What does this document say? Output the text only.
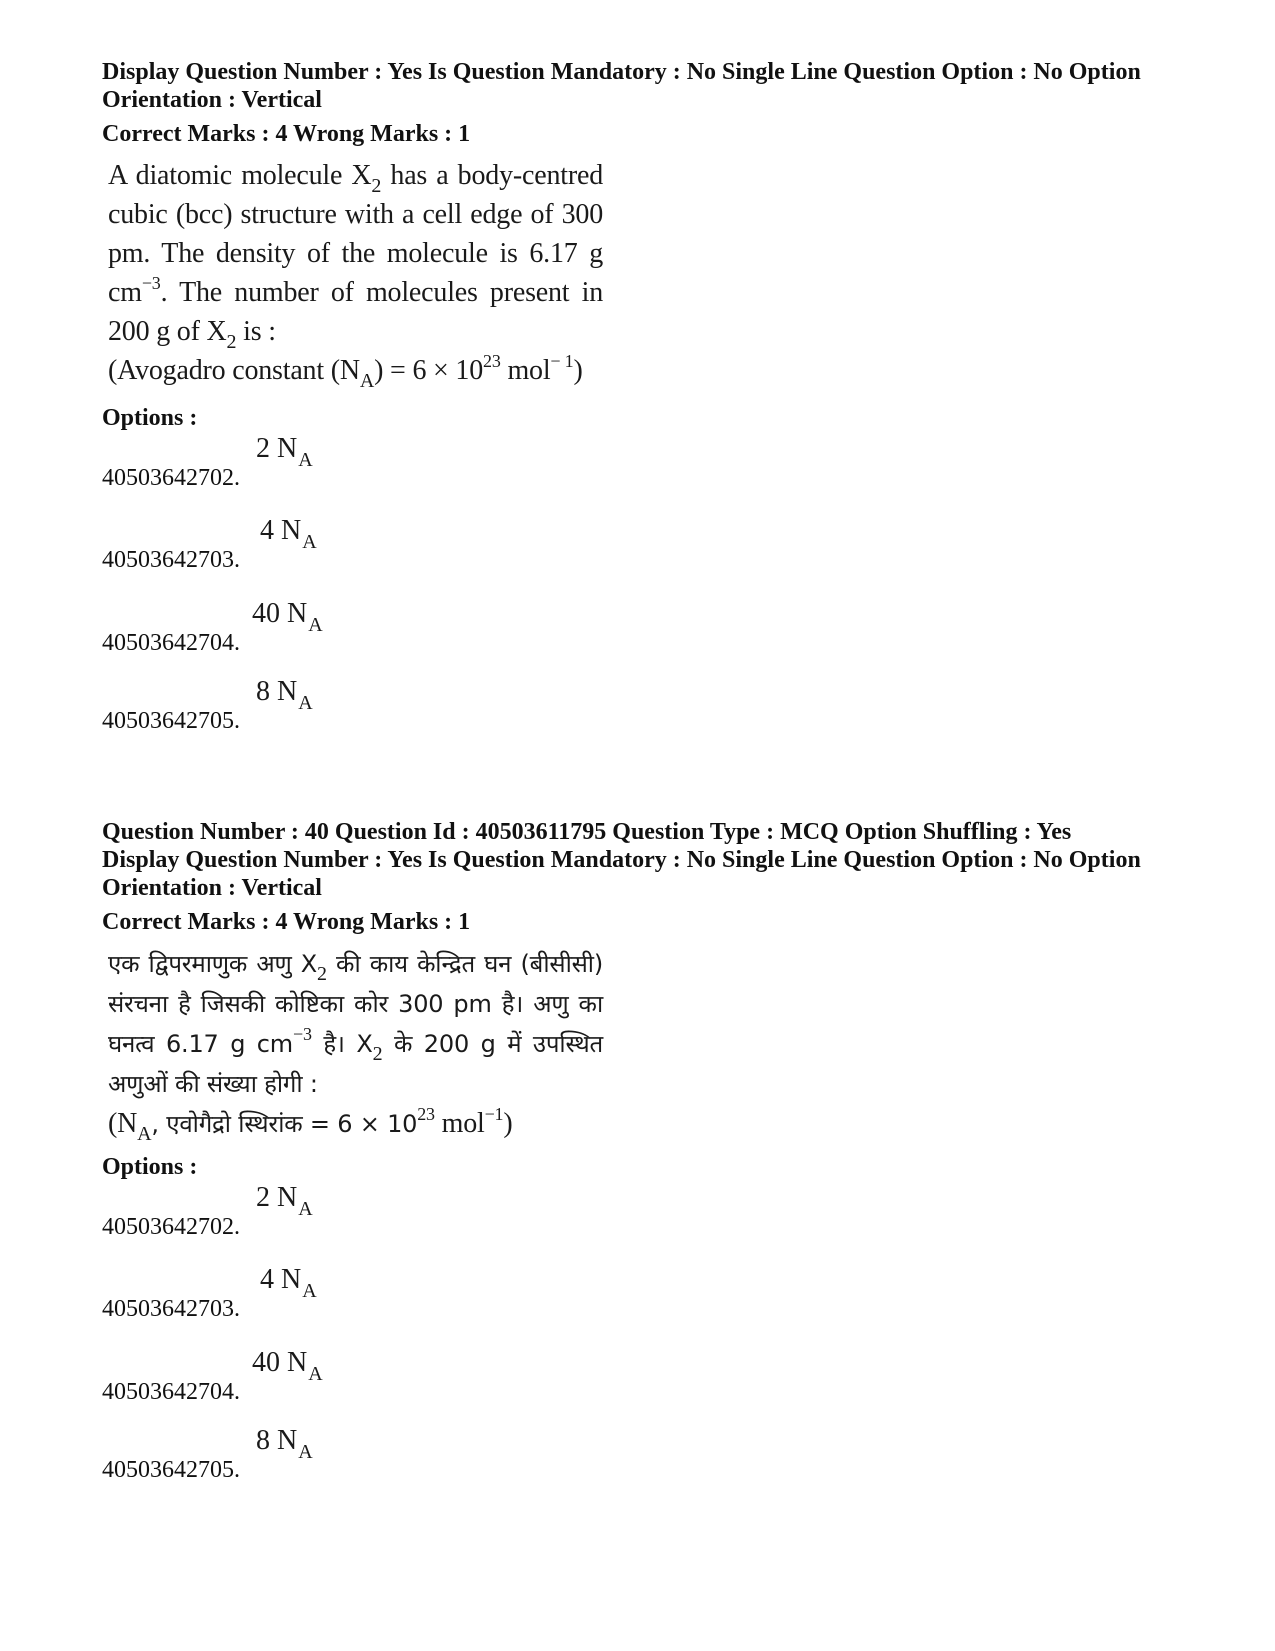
Display Question Number : Yes Is Question Mandatory : No Single Line Question Option : No Option
Orientation : Vertical
Correct Marks : 4 Wrong Marks : 1
A diatomic molecule $X_2$ has a body-centred cubic (bcc) structure with a cell edge of 300 pm. The density of the molecule is 6.17 g $cm^{-3}$. The number of molecules present in 200 g of $X_2$ is :
(Avogadro constant $(N_A) = 6 \times 10^{23}$ mol$^{- 1}$)
Options :
40503642702.
2 $N_A$
40503642703.
4 $N_A$
40503642704.
40 $N_A$
40503642705.
8 $N_A$
Question Number : 40 Question Id : 40503611795 Question Type : MCQ Option Shuffling : Yes
Display Question Number : Yes Is Question Mandatory : No Single Line Question Option : No Option
Orientation : Vertical
Correct Marks : 4 Wrong Marks : 1
एक द्विपरमाणुक अणु $X_2$ की काय केन्द्रित घन (बीसीसी) संरचना है जिसकी कोष्टिका कोर 300 pm है। अणु का घनत्व 6.17 g $cm^{-3}$ है। $X_2$ के 200 g में उपस्थित अणुओं की संख्या होगी :
($N_A$, एवोगैद्रो स्थिरांक = $6 \times 10^{23}$ mol$^{-1}$)
Options :
40503642702.
2 $N_A$
40503642703.
4 $N_A$
40503642704.
40 $N_A$
40503642705.
8 $N_A$
